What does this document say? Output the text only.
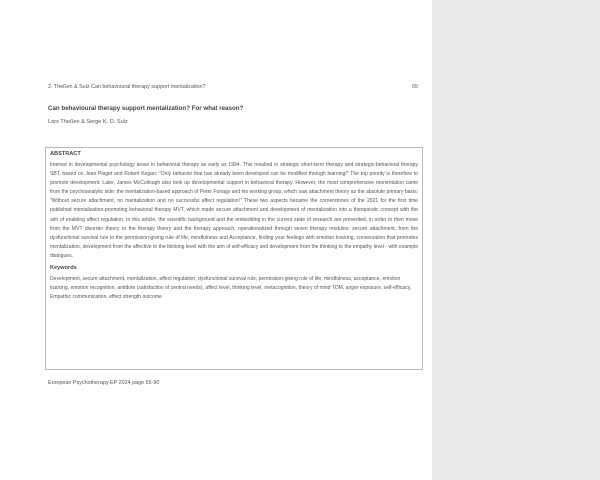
2. Theßen & Sulz Can behavioural therapy support mentalization?	65
Can behavioural therapy support mentalization? For what reason?
Lars Theßen & Serge K. D. Sulz
ABSTRACT

Interest in developmental psychology arose in behavioral therapy as early as 1994. This resulted in strategic short-term therapy and strategic-behavioral therapy SBT, based on Jean Piaget and Robert Kegan: "Only behavior that has already been developed can be modified through learning!" The top priority is therefore to promote development. Later, James McCullough also took up developmental support in behavioral therapy. However, the most comprehensive reorientation came from the psychoanalytic side: the mentalization-based approach of Peter Fonagy and his working group, which saw attachment theory as the absolute primary basis: "Without secure attachment, no mentalization and no successful affect regulation!" These two aspects became the cornerstones of the 2021 for the first time published mentalization-promoting behavioral therapy MVT, which made secure attachment and development of mentalization into a therapeutic concept with the aim of enabling affect regulation. In this article, the scientific background and the embedding in the current state of research are presented, in order to then move from the MVT disorder theory to the therapy theory and the therapy approach, operationalized through seven therapy modules: secure attachment, from the dysfunctional survival rule to the permission-giving rule of life, mindfulness and Acceptance, finding your feelings with emotion tracking, conversation that promotes mentalization, development from the affective to the thinking level with the aim of self-efficacy and development from the thinking to the empathy level - with example dialogues.

Keywords

Development, secure attachment, mentalization, affect regulation, dysfunctional survival rule, permission-giving rule of life, mindfulness, acceptance, emotion tracking, emotion recognition, antidote (satisfaction of central needs), affect level, thinking level, metacognition, theory of mind TOM, anger exposure, self-efficacy, Empathic communication, effect strength outcome

European Psychotherapy EP 2024 page 65-90
